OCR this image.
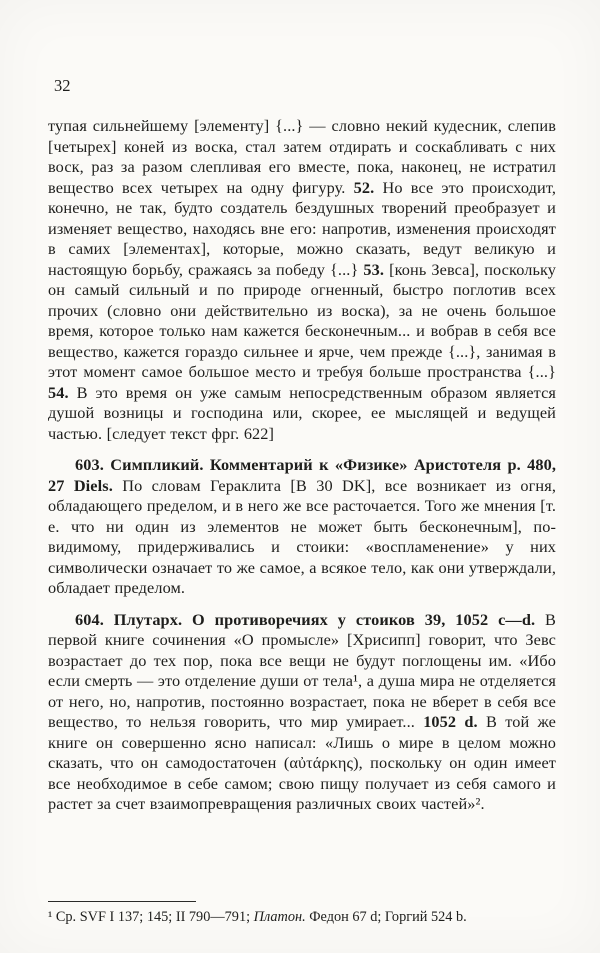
32

тупая сильнейшему [элементу] {...} — словно некий кудесник, слепив [четырех] коней из воска, стал затем отдирать и соскабливать с них воск, раз за разом слепливая его вместе, пока, наконец, не истратил вещество всех четырех на одну фигуру. 52. Но все это происходит, конечно, не так, будто создатель бездушных творений преобразует и изменяет вещество, находясь вне его: напротив, изменения происходят в самих [элементах], которые, можно сказать, ведут великую и настоящую борьбу, сражаясь за победу {...} 53. [конь Зевса], поскольку он самый сильный и по природе огненный, быстро поглотив всех прочих (словно они действительно из воска), за не очень большое время, которое только нам кажется бесконечным... и вобрав в себя все вещество, кажется гораздо сильнее и ярче, чем прежде {...}, занимая в этот момент самое большое место и требуя больше пространства {...} 54. В это время он уже самым непосредственным образом является душой возницы и господина или, скорее, ее мыслящей и ведущей частью. [следует текст фрг. 622]

603. Симпликий. Комментарий к «Физике» Аристотеля р. 480, 27 Diels. По словам Гераклита [В 30 DK], все возникает из огня, обладающего пределом, и в него же все расточается. Того же мнения [т. е. что ни один из элементов не может быть бесконечным], по-видимому, придерживались и стоики: «воспламенение» у них символически означает то же самое, а всякое тело, как они утверждали, обладает пределом.

604. Плутарх. О противоречиях у стоиков 39, 1052 c—d. В первой книге сочинения «О промысле» [Хрисипп] говорит, что Зевс возрастает до тех пор, пока все вещи не будут поглощены им. «Ибо если смерть — это отделение души от тела¹, а душа мира не отделяется от него, но, напротив, постоянно возрастает, пока не вберет в себя все вещество, то нельзя говорить, что мир умирает... 1052 d. В той же книге он совершенно ясно написал: «Лишь о мире в целом можно сказать, что он самодостаточен (αὐτάρκης), поскольку он один имеет все необходимое в себе самом; свою пищу получает из себя самого и растет за счет взаимопревращения различных своих частей»².

¹ Ср. SVF I 137; 145; II 790—791; Платон. Федон 67 d; Горгий 524 b.
